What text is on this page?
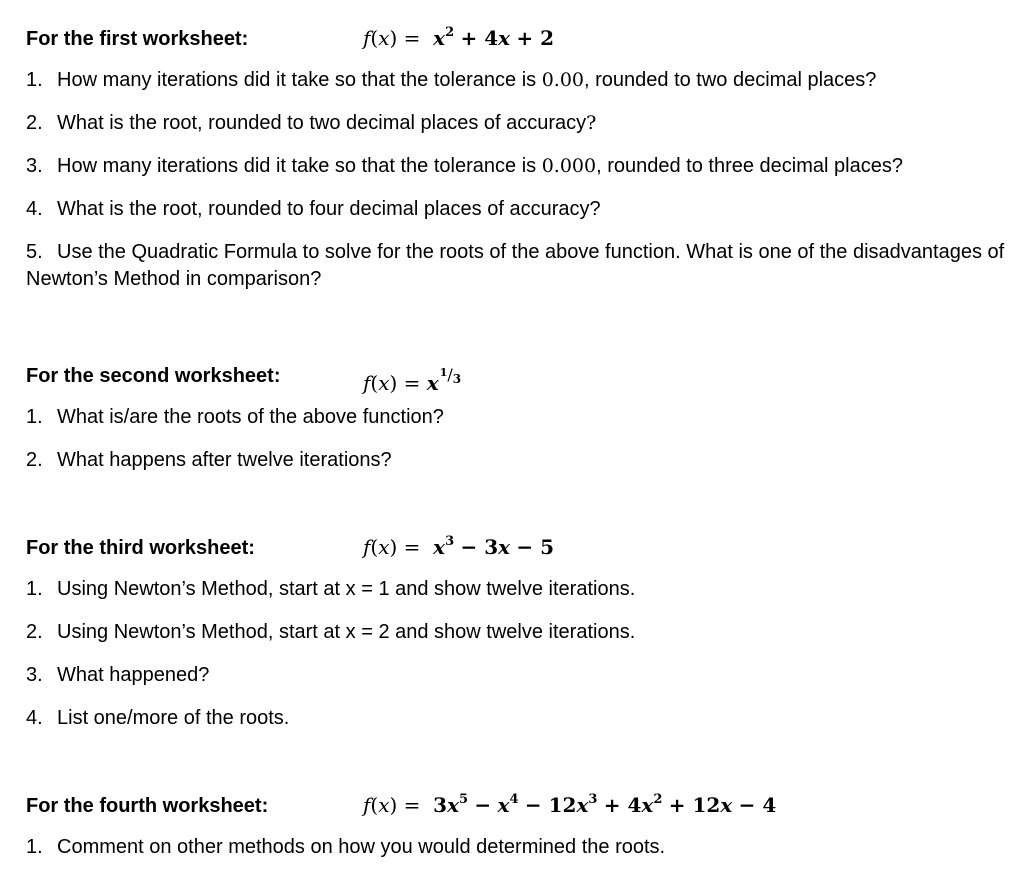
For the first worksheet:	$f(x) = x^2 + 4x + 2$
1. How many iterations did it take so that the tolerance is 0.00, rounded to two decimal places?
2. What is the root, rounded to two decimal places of accuracy?
3. How many iterations did it take so that the tolerance is 0.000, rounded to three decimal places?
4. What is the root, rounded to four decimal places of accuracy?
5. Use the Quadratic Formula to solve for the roots of the above function. What is one of the disadvantages of Newton’s Method in comparison?
For the second worksheet:	f(x) = x1/3
1. What is/are the roots of the above function?
2. What happens after twelve iterations?
For the third worksheet:	$f(x) = x^3 - 3x - 5$
1. Using Newton’s Method, start at x = 1 and show twelve iterations.
2. Using Newton’s Method, start at x = 2 and show twelve iterations.
3. What happened?
4. List one/more of the roots.
For the fourth worksheet:	$f(x) = 3x^5 - x^4 - 12x^3 + 4x^2 + 12x - 4$
1. Comment on other methods on how you would determined the roots.
